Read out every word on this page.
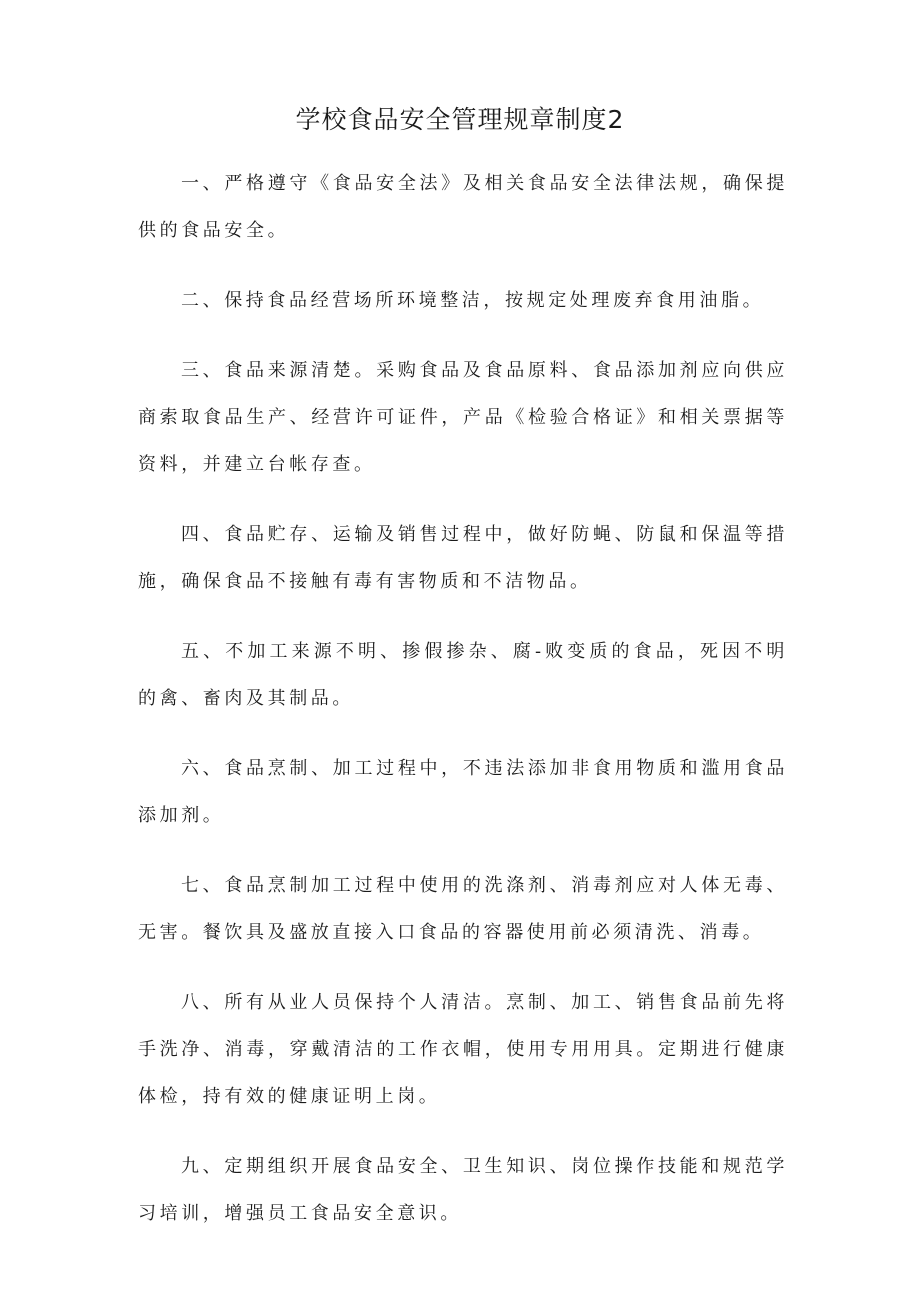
学校食品安全管理规章制度2

一、严格遵守《食品安全法》及相关食品安全法律法规，确保提供的食品安全。

二、保持食品经营场所环境整洁，按规定处理废弃食用油脂。

三、食品来源清楚。采购食品及食品原料、食品添加剂应向供应商索取食品生产、经营许可证件，产品《检验合格证》和相关票据等资料，并建立台帐存查。

四、食品贮存、运输及销售过程中，做好防蝇、防鼠和保温等措施，确保食品不接触有毒有害物质和不洁物品。

五、不加工来源不明、掺假掺杂、腐-败变质的食品，死因不明的禽、畜肉及其制品。

六、食品烹制、加工过程中，不违法添加非食用物质和滥用食品添加剂。

七、食品烹制加工过程中使用的洗涤剂、消毒剂应对人体无毒、无害。餐饮具及盛放直接入口食品的容器使用前必须清洗、消毒。

八、所有从业人员保持个人清洁。烹制、加工、销售食品前先将手洗净、消毒，穿戴清洁的工作衣帽，使用专用用具。定期进行健康体检，持有效的健康证明上岗。

九、定期组织开展食品安全、卫生知识、岗位操作技能和规范学习培训，增强员工食品安全意识。
